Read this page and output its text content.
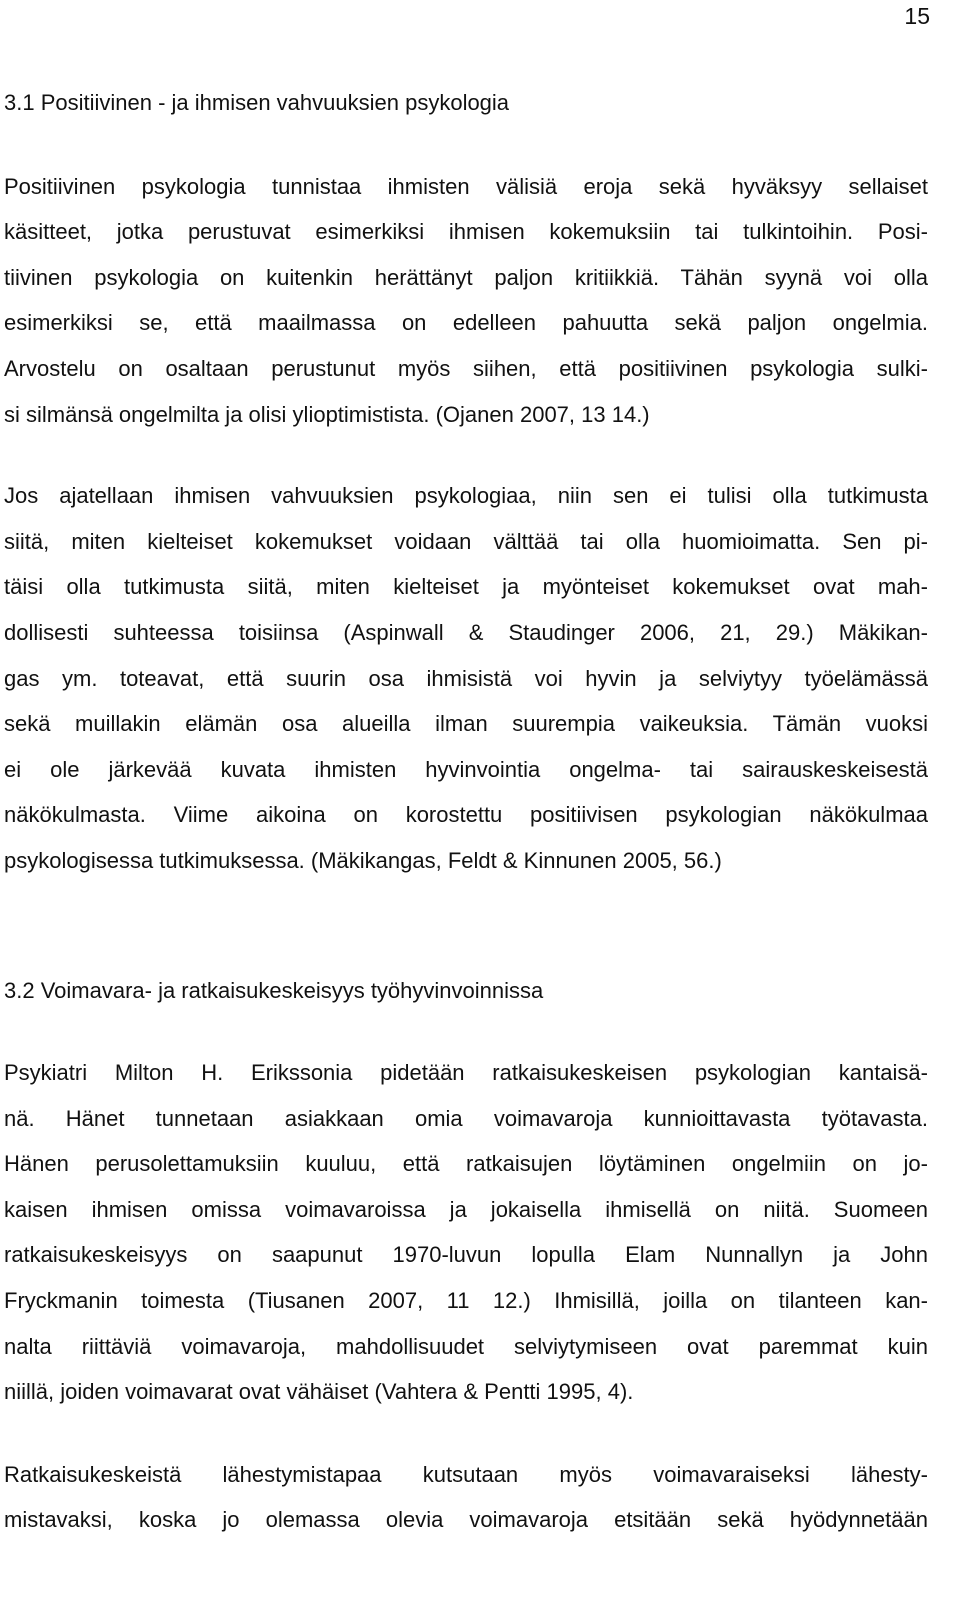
15
3.1 Positiivinen - ja ihmisen vahvuuksien psykologia
Positiivinen psykologia tunnistaa ihmisten välisiä eroja sekä hyväksyy sellaiset
käsitteet, jotka perustuvat esimerkiksi ihmisen kokemuksiin tai tulkintoihin. Posi-
tiivinen psykologia on kuitenkin herättänyt paljon kritiikkiä. Tähän syynä voi olla
esimerkiksi se, että maailmassa on edelleen pahuutta sekä paljon ongelmia.
Arvostelu on osaltaan perustunut myös siihen, että positiivinen psykologia sulki-
si silmänsä ongelmilta ja olisi ylioptimistista. (Ojanen 2007, 13 14.)
Jos ajatellaan ihmisen vahvuuksien psykologiaa, niin sen ei tulisi olla tutkimusta
siitä, miten kielteiset kokemukset voidaan välttää tai olla huomioimatta. Sen pi-
täisi olla tutkimusta siitä, miten kielteiset ja myönteiset kokemukset ovat mah-
dollisesti suhteessa toisiinsa (Aspinwall & Staudinger 2006, 21, 29.) Mäkikan-
gas ym. toteavat, että suurin osa ihmisistä voi hyvin ja selviytyy työelämässä
sekä muillakin elämän osa alueilla ilman suurempia vaikeuksia. Tämän vuoksi
ei ole järkevää kuvata ihmisten hyvinvointia ongelma- tai sairauskeskeisestä
näkökulmasta. Viime aikoina on korostettu positiivisen psykologian näkökulmaa
psykologisessa tutkimuksessa. (Mäkikangas, Feldt & Kinnunen 2005, 56.)
3.2 Voimavara- ja ratkaisukeskeisyys työhyvinvoinnissa
Psykiatri Milton H. Erikssonia pidetään ratkaisukeskeisen psykologian kantaisä-
nä. Hänet tunnetaan asiakkaan omia voimavaroja kunnioittavasta työtavasta.
Hänen perusolettamuksiin kuuluu, että ratkaisujen löytäminen ongelmiin on jo-
kaisen ihmisen omissa voimavaroissa ja jokaisella ihmisellä on niitä. Suomeen
ratkaisukeskeisyys on saapunut 1970-luvun lopulla Elam Nunnallyn ja John
Fryckmanin toimesta (Tiusanen 2007, 11 12.) Ihmisillä, joilla on tilanteen kan-
nalta riittäviä voimavaroja, mahdollisuudet selviytymiseen ovat paremmat kuin
niillä, joiden voimavarat ovat vähäiset (Vahtera & Pentti 1995, 4).
Ratkaisukeskeistä lähestymistapaa kutsutaan myös voimavaraiseksi lähesty-
mistavaksi, koska jo olemassa olevia voimavaroja etsitään sekä hyödynnetään
